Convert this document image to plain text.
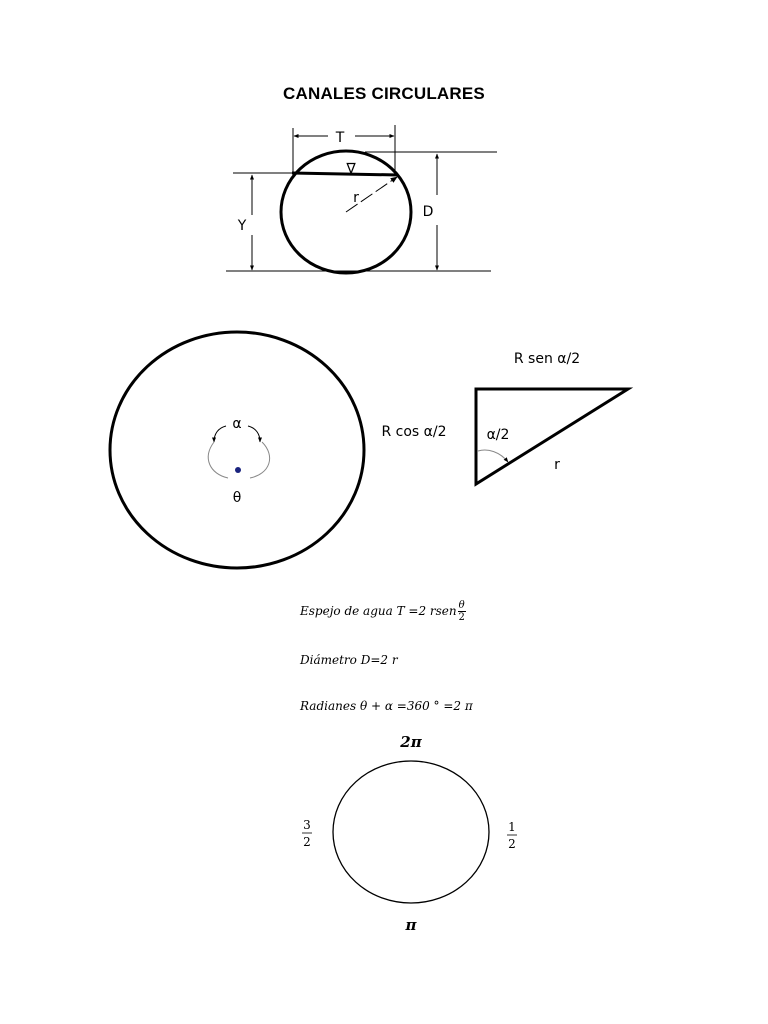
CANALES CIRCULARES
∇
T
Y
D
r
α
θ
R cos α/2
R sen α/2
α/2
r
Espejo de agua T =2 rsen $\frac{\theta}{2}$
Diámetro D=2 r
Radianes θ + α =360 ° =2 π
2π
π
3
2
1
2
